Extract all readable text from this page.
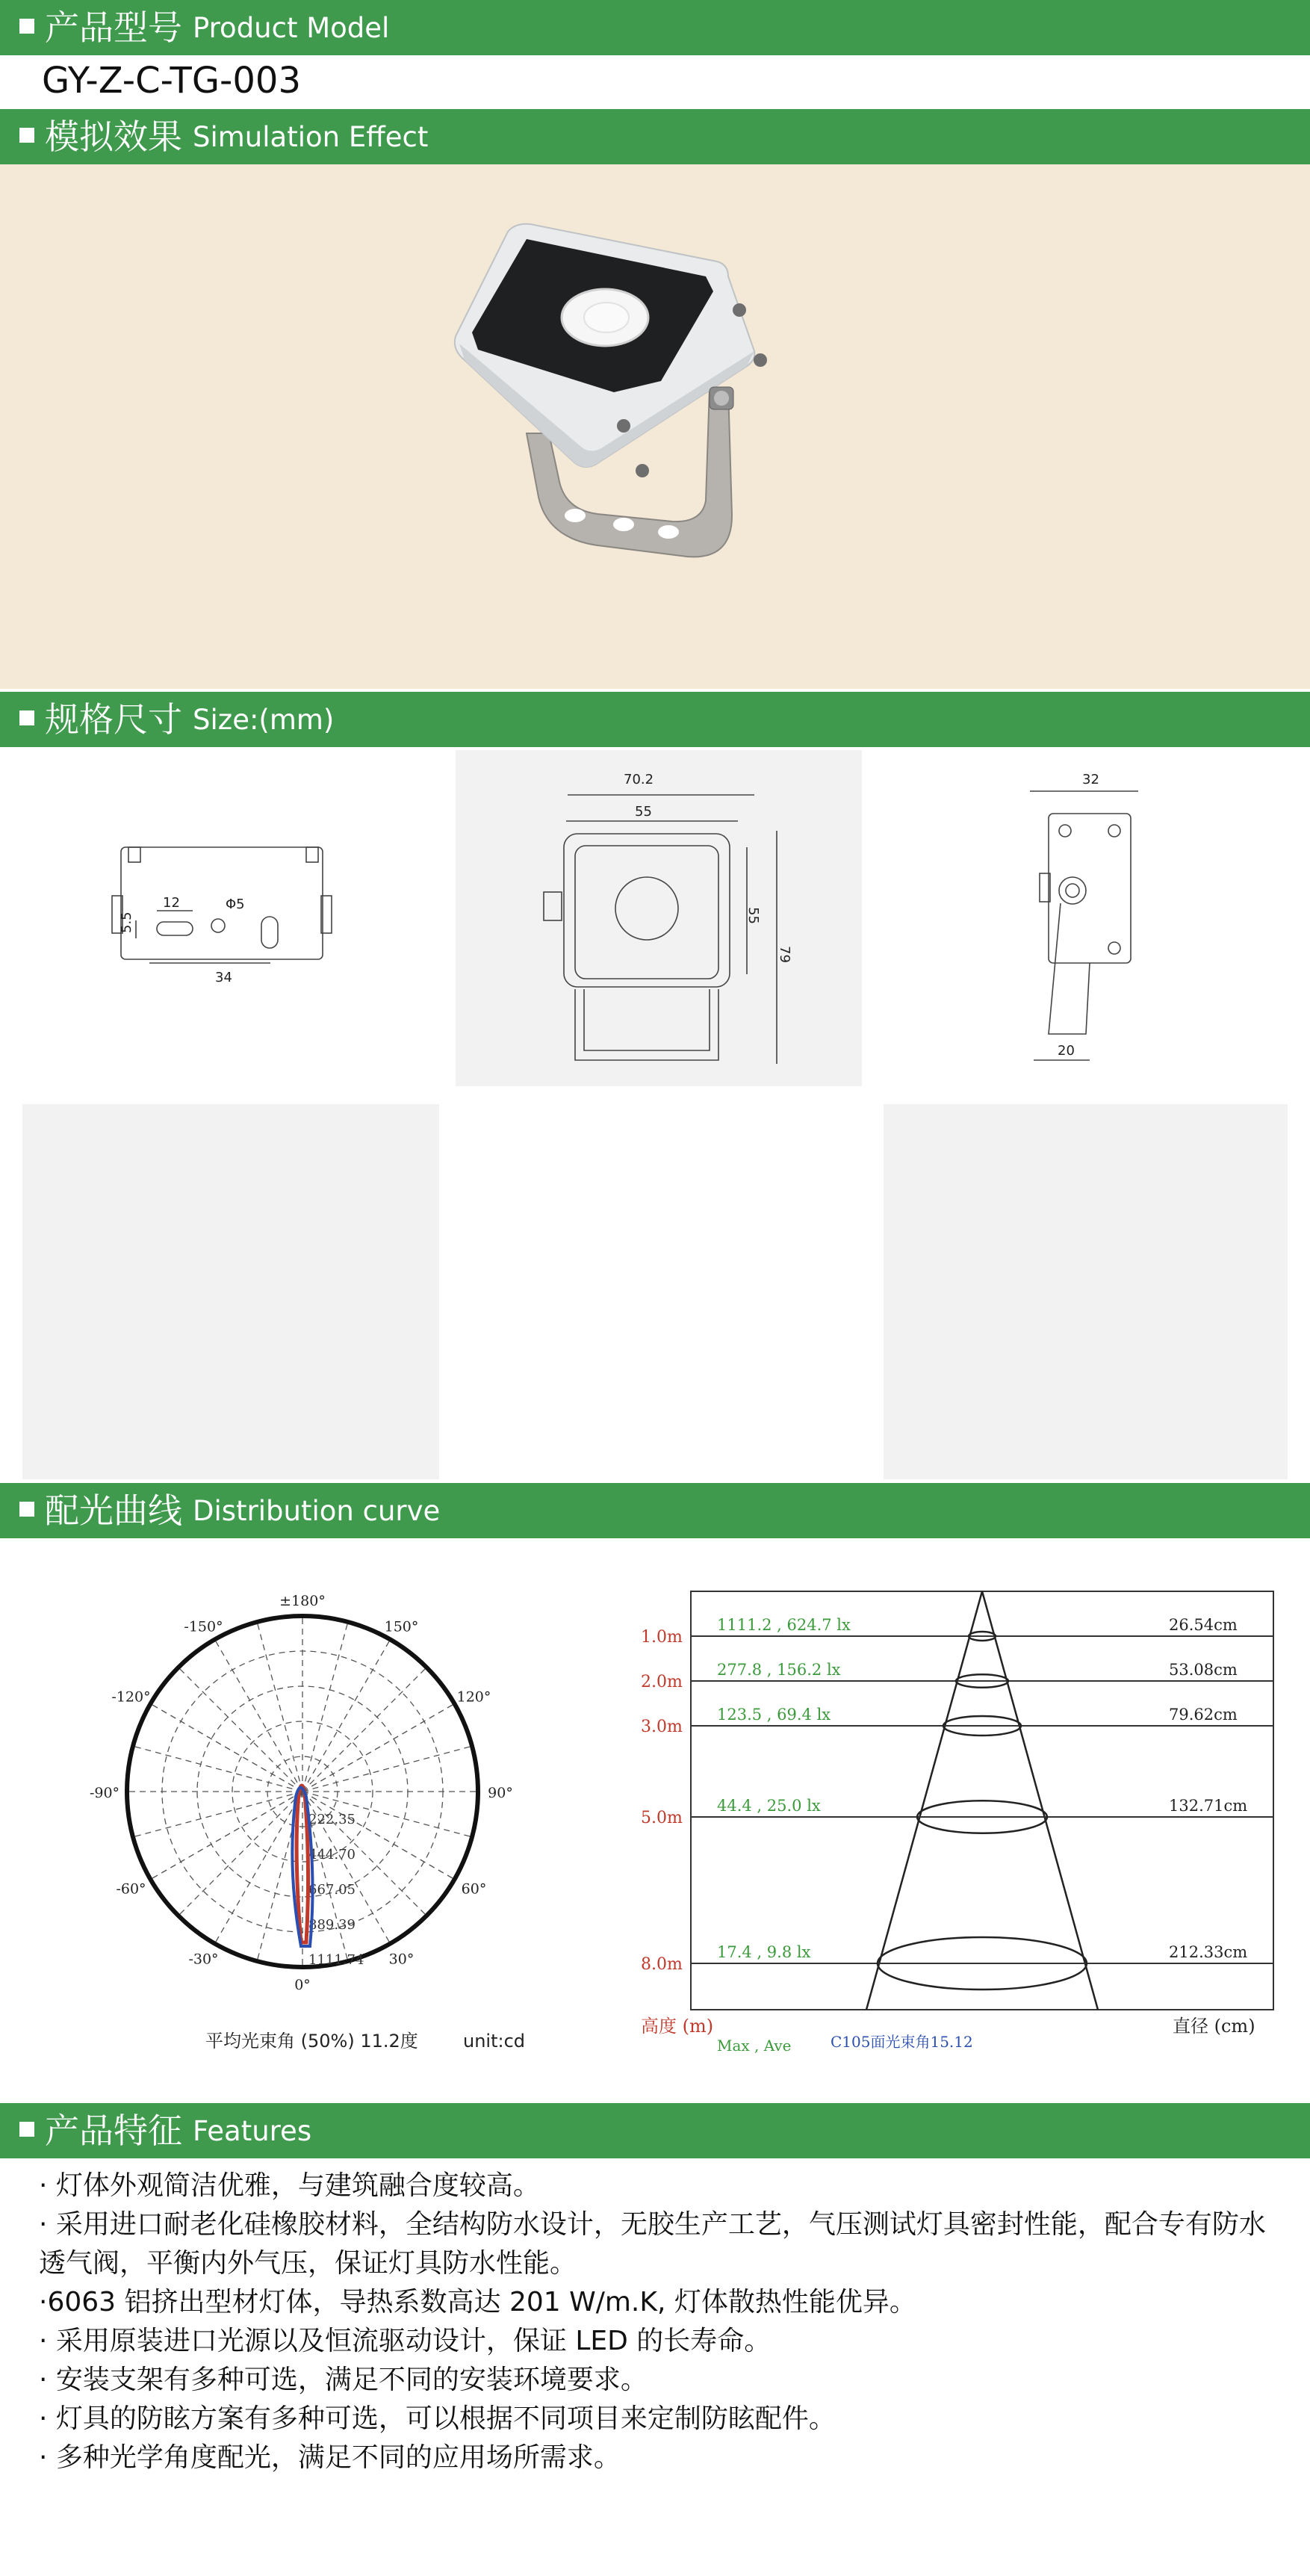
产品型号 Product Model
GY-Z-C-TG-003
模拟效果 Simulation Effect
规格尺寸 Size:(mm)
12
5.5
Φ5
34
70.2
55
55
79
32
20
配光曲线 Distribution curve
±180°
150°
-150°
-120°	120°
-90°	90°
-60°	60°
-30°	30°
0°
222.35
444.70
667.05
889.39
1111.74
平均光束角 (50%) 11.2度	unit:cd
1.0m
1111.2 , 624.7 lx	26.54cm
2.0m
277.8 , 156.2 lx	53.08cm
3.0m
123.5 , 69.4 lx	79.62cm
5.0m
44.4 , 25.0 lx	132.71cm
8.0m
17.4 , 9.8 lx	212.33cm
高度 (m)	直径 (cm)
Max , Ave	C105面光束角15.12
产品特征 Features
· 灯体外观简洁优雅，与建筑融合度较高。
· 采用进口耐老化硅橡胶材料，全结构防水设计，无胶生产工艺，气压测试灯具密封性能，配合专有防水透气阀，平衡内外气压，保证灯具防水性能。
·6063 铝挤出型材灯体，导热系数高达 201 W/m.K, 灯体散热性能优异。
· 采用原装进口光源以及恒流驱动设计，保证 LED 的长寿命。
· 安装支架有多种可选，满足不同的安装环境要求。
· 灯具的防眩方案有多种可选，可以根据不同项目来定制防眩配件。
· 多种光学角度配光，满足不同的应用场所需求。
